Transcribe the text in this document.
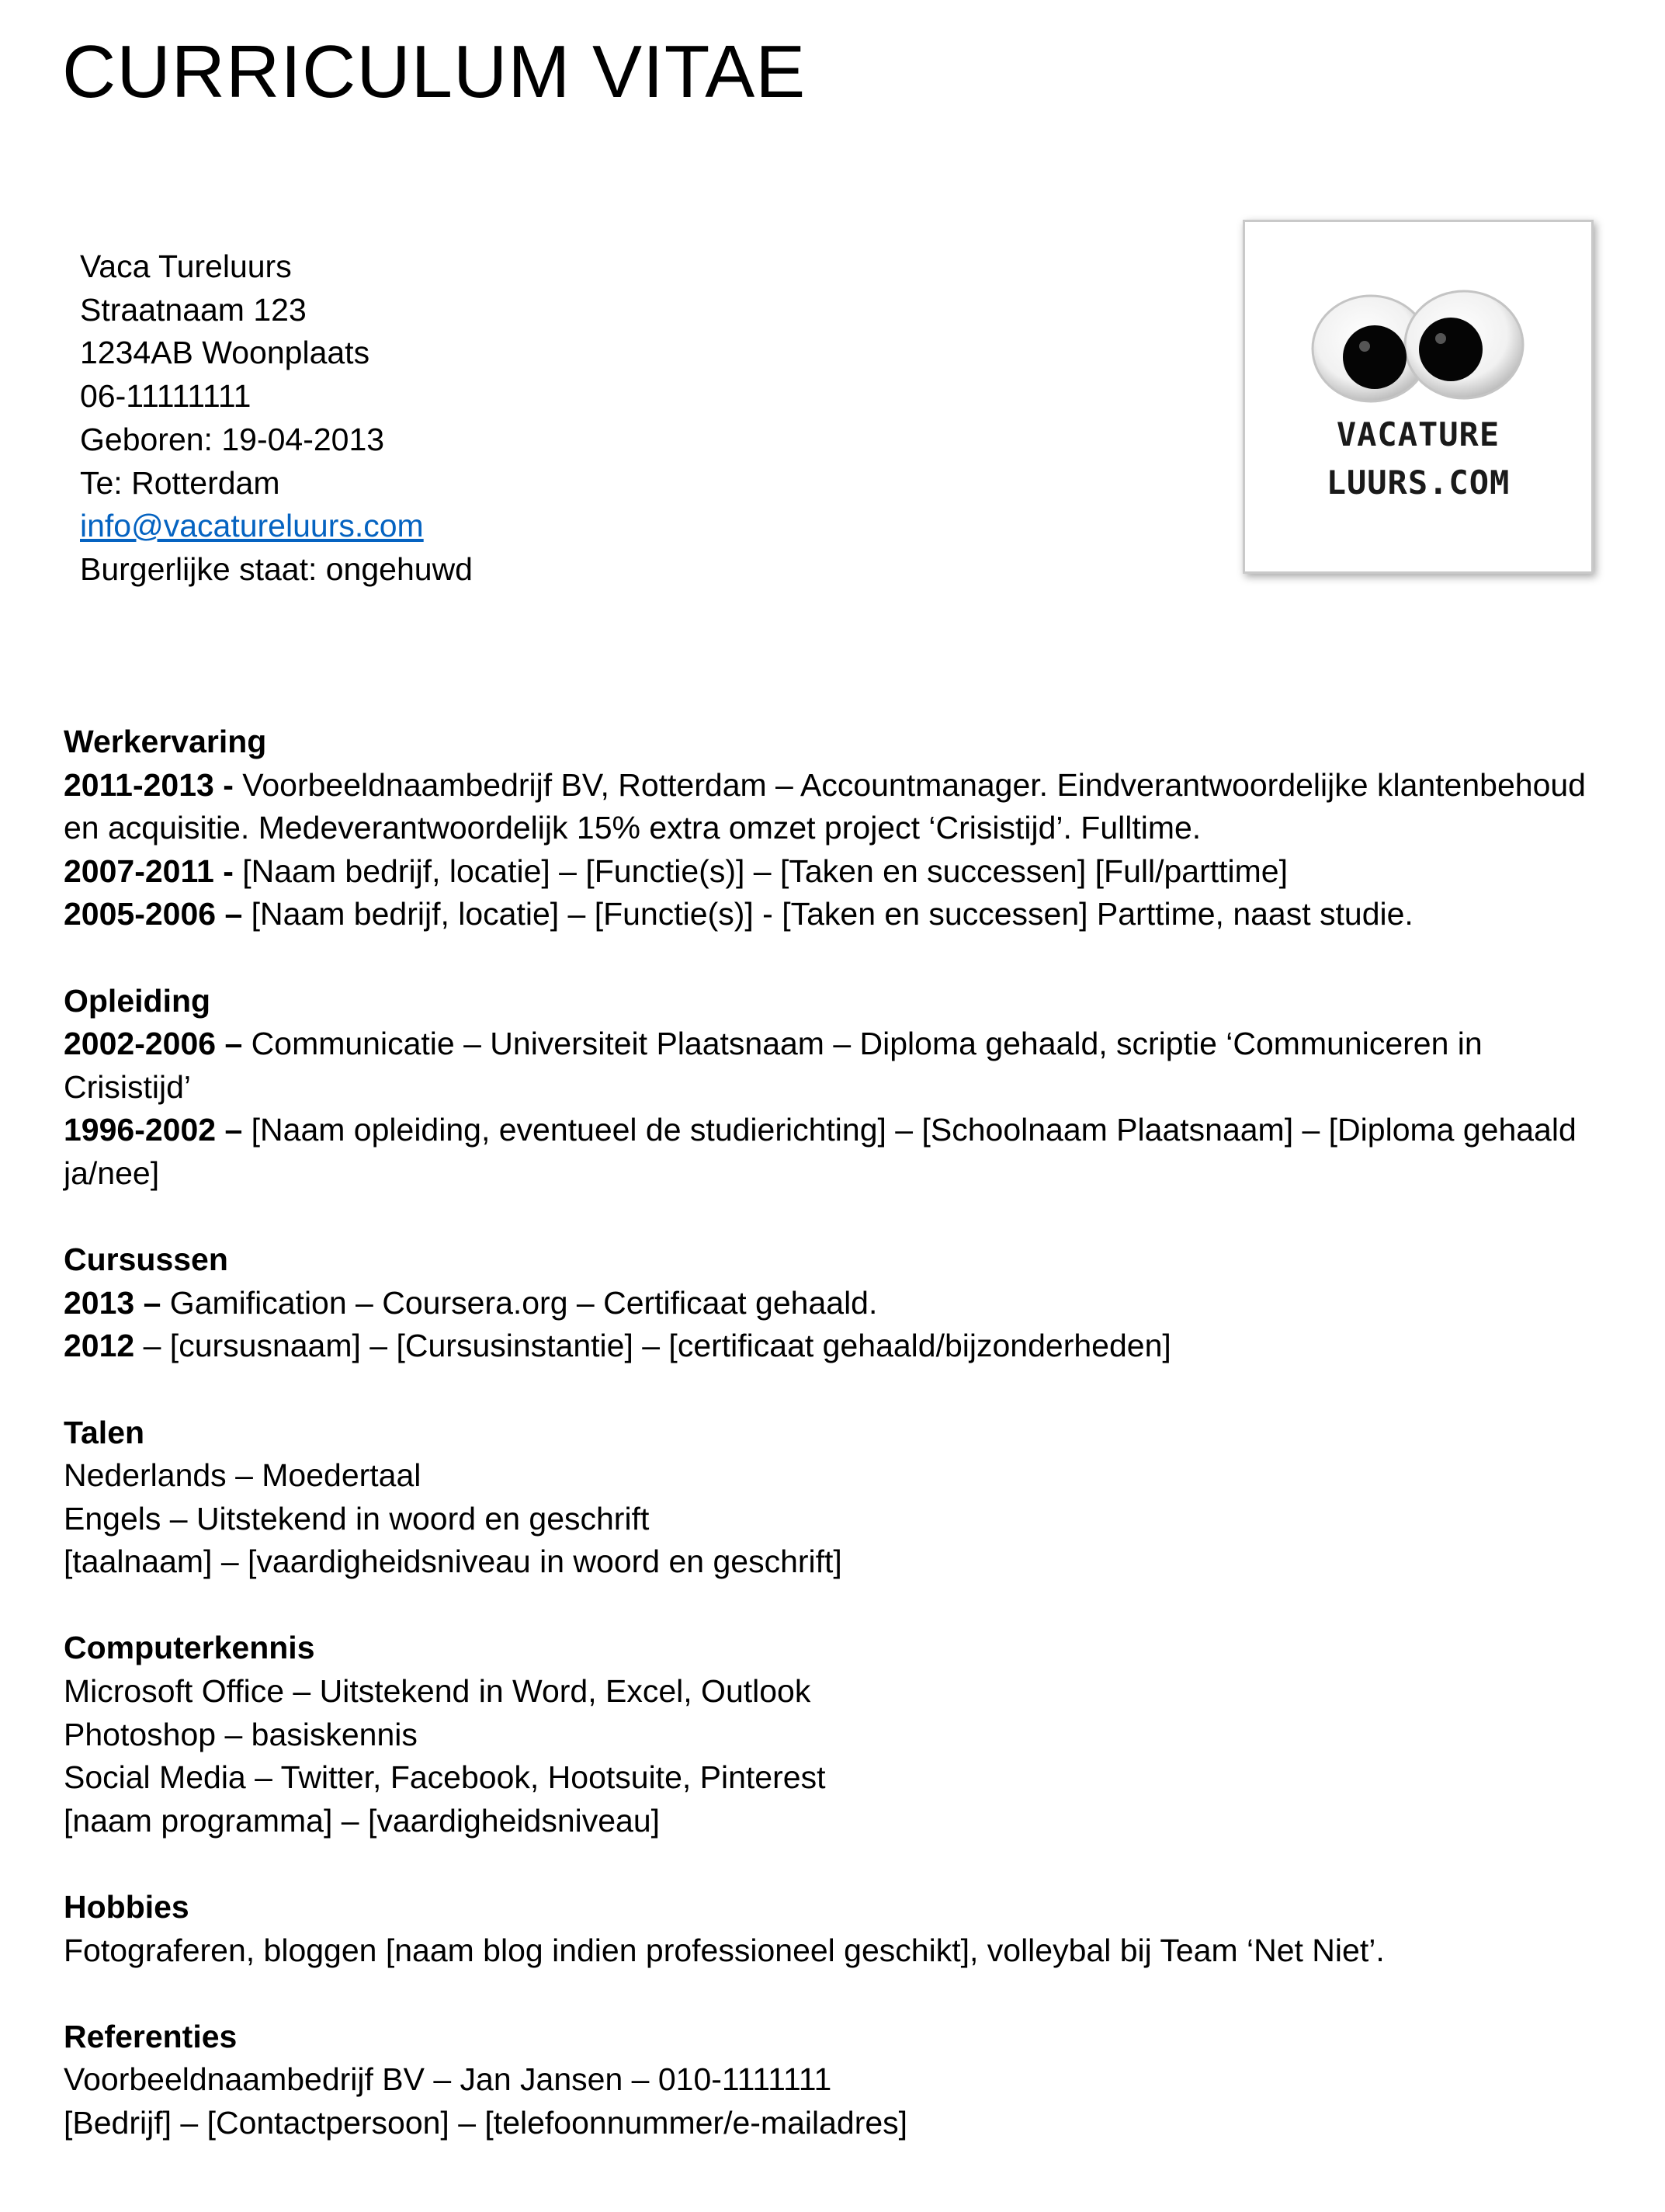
CURRICULUM VITAE
Vaca Tureluurs
Straatnaam 123
1234AB Woonplaats
06-11111111
Geboren: 19-04-2013
Te: Rotterdam
info@vacatureluurs.com
Burgerlijke staat: ongehuwd
VACATURE
LUURS.COM
Werkervaring
2011-2013 - Voorbeeldnaambedrijf BV, Rotterdam – Accountmanager. Eindverantwoordelijke klantenbehoud en acquisitie. Medeverantwoordelijk 15% extra omzet project ‘Crisistijd’. Fulltime.
2007-2011 - [Naam bedrijf, locatie] – [Functie(s)] – [Taken en successen] [Full/parttime]
2005-2006 – [Naam bedrijf, locatie] – [Functie(s)] - [Taken en successen] Parttime, naast studie.
Opleiding
2002-2006 – Communicatie – Universiteit Plaatsnaam – Diploma gehaald, scriptie ‘Communiceren in Crisistijd’
1996-2002 – [Naam opleiding, eventueel de studierichting] – [Schoolnaam Plaatsnaam] – [Diploma gehaald ja/nee]
Cursussen
2013 – Gamification – Coursera.org – Certificaat gehaald.
2012 – [cursusnaam] – [Cursusinstantie] – [certificaat gehaald/bijzonderheden]
Talen
Nederlands – Moedertaal
Engels – Uitstekend in woord en geschrift
[taalnaam] – [vaardigheidsniveau in woord en geschrift]
Computerkennis
Microsoft Office – Uitstekend in Word, Excel, Outlook
Photoshop – basiskennis
Social Media – Twitter, Facebook, Hootsuite, Pinterest
[naam programma] – [vaardigheidsniveau]
Hobbies
Fotograferen, bloggen [naam blog indien professioneel geschikt], volleybal bij Team ‘Net Niet’.
Referenties
Voorbeeldnaambedrijf BV – Jan Jansen – 010-1111111
[Bedrijf] – [Contactpersoon] – [telefoonnummer/e-mailadres]
